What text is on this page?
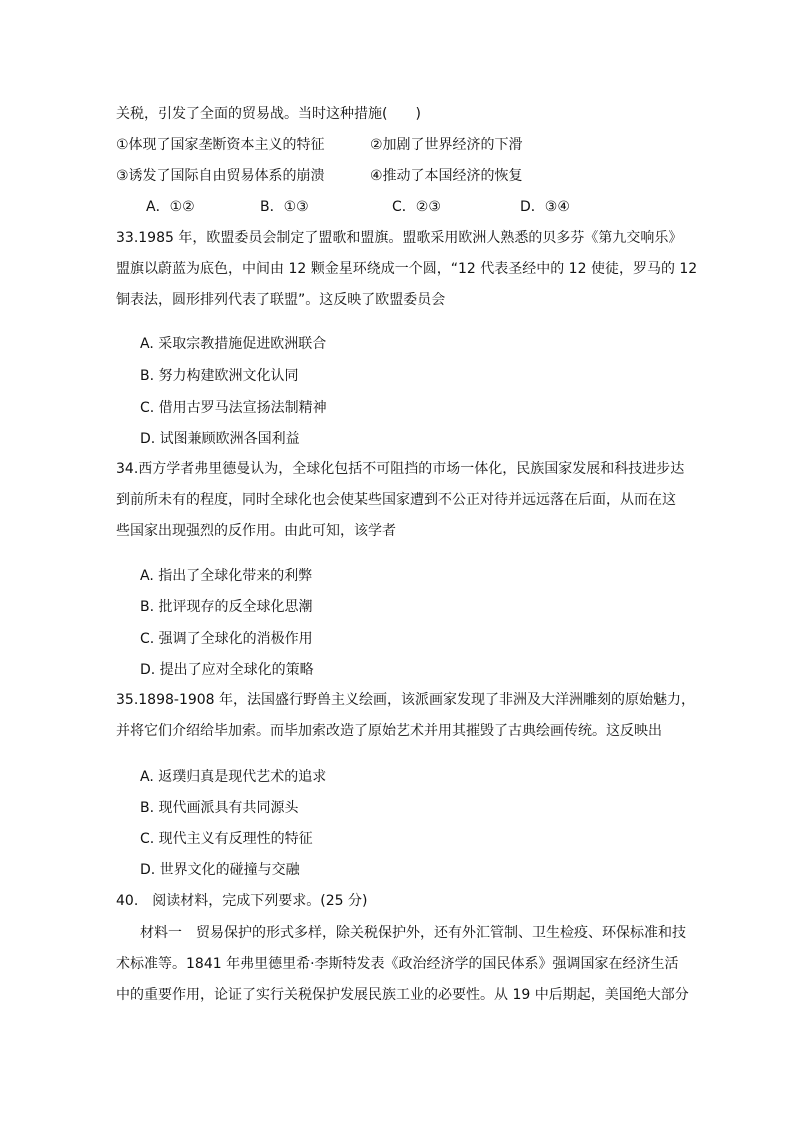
关税，引发了全面的贸易战。当时这种措施(　　)
①体现了国家垄断资本主义的特征	②加剧了世界经济的下滑
③诱发了国际自由贸易体系的崩溃	④推动了本国经济的恢复
A．①②	B．①③	C．②③	D．③④
33.1985 年，欧盟委员会制定了盟歌和盟旗。盟歌采用欧洲人熟悉的贝多芬《第九交响乐》
盟旗以蔚蓝为底色，中间由 12 颗金星环绕成一个圆，“12 代表圣经中的 12 使徒，罗马的 12
铜表法，圆形排列代表了联盟”。这反映了欧盟委员会
A. 采取宗教措施促进欧洲联合
B. 努力构建欧洲文化认同
C. 借用古罗马法宣扬法制精神
D. 试图兼顾欧洲各国利益
34.西方学者弗里德曼认为，全球化包括不可阻挡的市场一体化，民族国家发展和科技进步达
到前所未有的程度，同时全球化也会使某些国家遭到不公正对待并远远落在后面，从而在这
些国家出现强烈的反作用。由此可知，该学者
A. 指出了全球化带来的利弊
B. 批评现存的反全球化思潮
C. 强调了全球化的消极作用
D. 提出了应对全球化的策略
35.1898-1908 年，法国盛行野兽主义绘画，该派画家发现了非洲及大洋洲雕刻的原始魅力，
并将它们介绍给毕加索。而毕加索改造了原始艺术并用其摧毁了古典绘画传统。这反映出
A. 返璞归真是现代艺术的追求
B. 现代画派具有共同源头
C. 现代主义有反理性的特征
D. 世界文化的碰撞与交融
40.　阅读材料，完成下列要求。(25 分)
材料一　贸易保护的形式多样，除关税保护外，还有外汇管制、卫生检疫、环保标准和技
术标准等。1841 年弗里德里希·李斯特发表《政治经济学的国民体系》强调国家在经济生活
中的重要作用，论证了实行关税保护发展民族工业的必要性。从 19 中后期起，美国绝大部分
